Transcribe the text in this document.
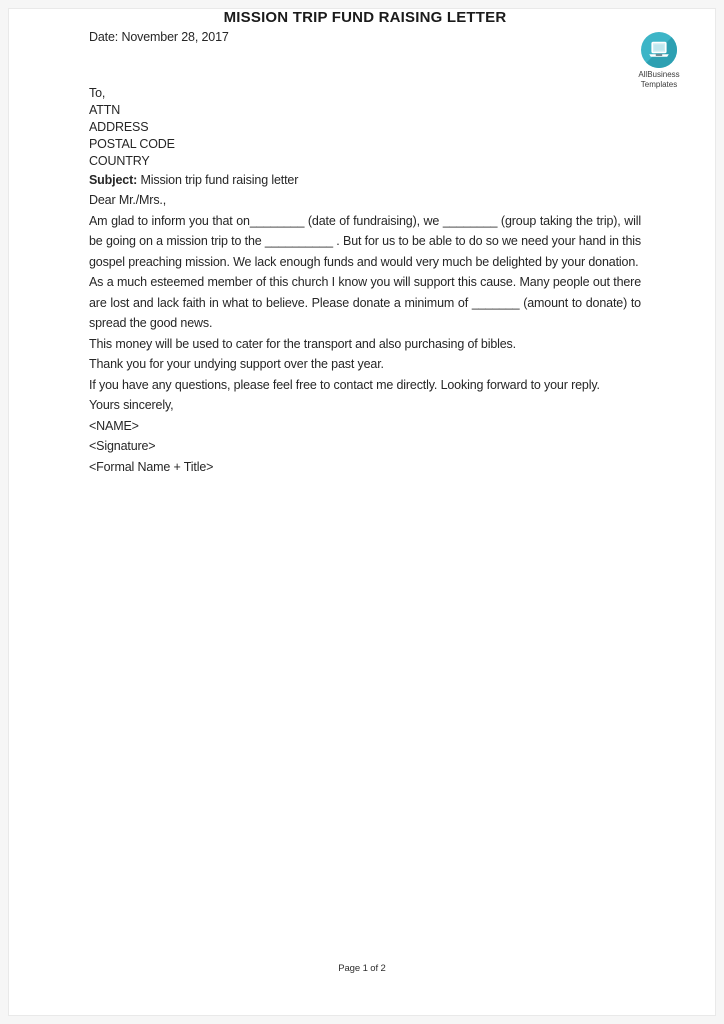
AllBusiness
Templates
MISSION TRIP FUND RAISING LETTER

Date: November 28, 2017

To,
ATTN
ADDRESS
POSTAL CODE
COUNTRY

Subject: Mission trip fund raising letter

Dear Mr./Mrs.,

Am glad to inform you that on________ (date of fundraising), we ________ (group taking the trip), will be going on a mission trip to the __________ . But for us to be able to do so we need your hand in this gospel preaching mission. We lack enough funds and would very much be delighted by your donation.

As a much esteemed member of this church I know you will support this cause. Many people out there are lost and lack faith in what to believe. Please donate a minimum of _______ (amount to donate) to spread the good news.

This money will be used to cater for the transport and also purchasing of bibles.

Thank you for your undying support over the past year.

If you have any questions, please feel free to contact me directly. Looking forward to your reply.

Yours sincerely,

<NAME>

<Signature>

<Formal Name + Title>

Page 1 of 2
